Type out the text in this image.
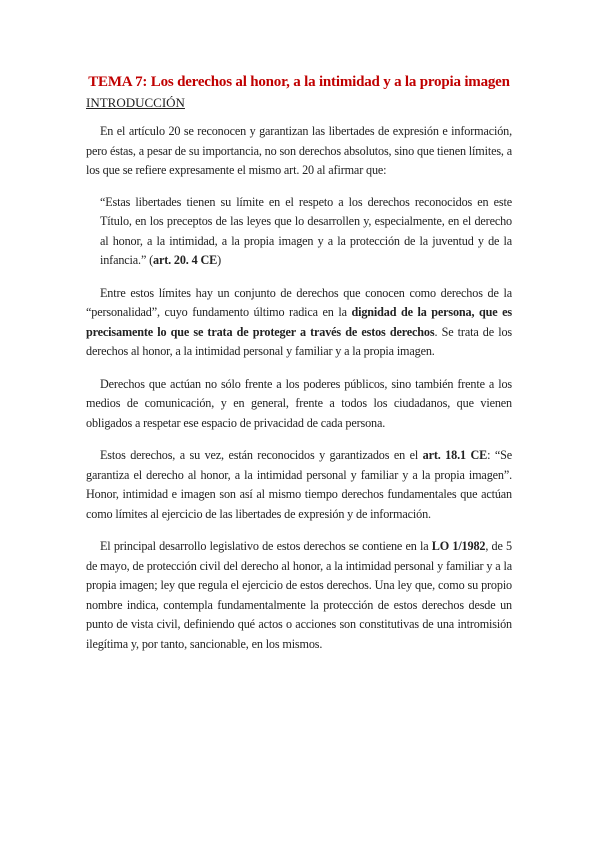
TEMA 7: Los derechos al honor, a la intimidad y a la propia imagen
INTRODUCCIÓN

En el artículo 20 se reconocen y garantizan las libertades de expresión e información, pero éstas, a pesar de su importancia, no son derechos absolutos, sino que tienen límites, a los que se refiere expresamente el mismo art. 20 al afirmar que:

“Estas libertades tienen su límite en el respeto a los derechos reconocidos en este Título, en los preceptos de las leyes que lo desarrollen y, especialmente, en el derecho al honor, a la intimidad, a la propia imagen y a la protección de la juventud y de la infancia.” (art. 20. 4 CE)

Entre estos límites hay un conjunto de derechos que conocen como derechos de la “personalidad”, cuyo fundamento último radica en la dignidad de la persona, que es precisamente lo que se trata de proteger a través de estos derechos. Se trata de los derechos al honor, a la intimidad personal y familiar y a la propia imagen.

Derechos que actúan no sólo frente a los poderes públicos, sino también frente a los medios de comunicación, y en general, frente a todos los ciudadanos, que vienen obligados a respetar ese espacio de privacidad de cada persona.

Estos derechos, a su vez, están reconocidos y garantizados en el art. 18.1 CE: “Se garantiza el derecho al honor, a la intimidad personal y familiar y a la propia imagen”. Honor, intimidad e imagen son así al mismo tiempo derechos fundamentales que actúan como límites al ejercicio de las libertades de expresión y de información.

El principal desarrollo legislativo de estos derechos se contiene en la LO 1/1982, de 5 de mayo, de protección civil del derecho al honor, a la intimidad personal y familiar y a la propia imagen; ley que regula el ejercicio de estos derechos. Una ley que, como su propio nombre indica, contempla fundamentalmente la protección de estos derechos desde un punto de vista civil, definiendo qué actos o acciones son constitutivas de una intromisión ilegítima y, por tanto, sancionable, en los mismos.
